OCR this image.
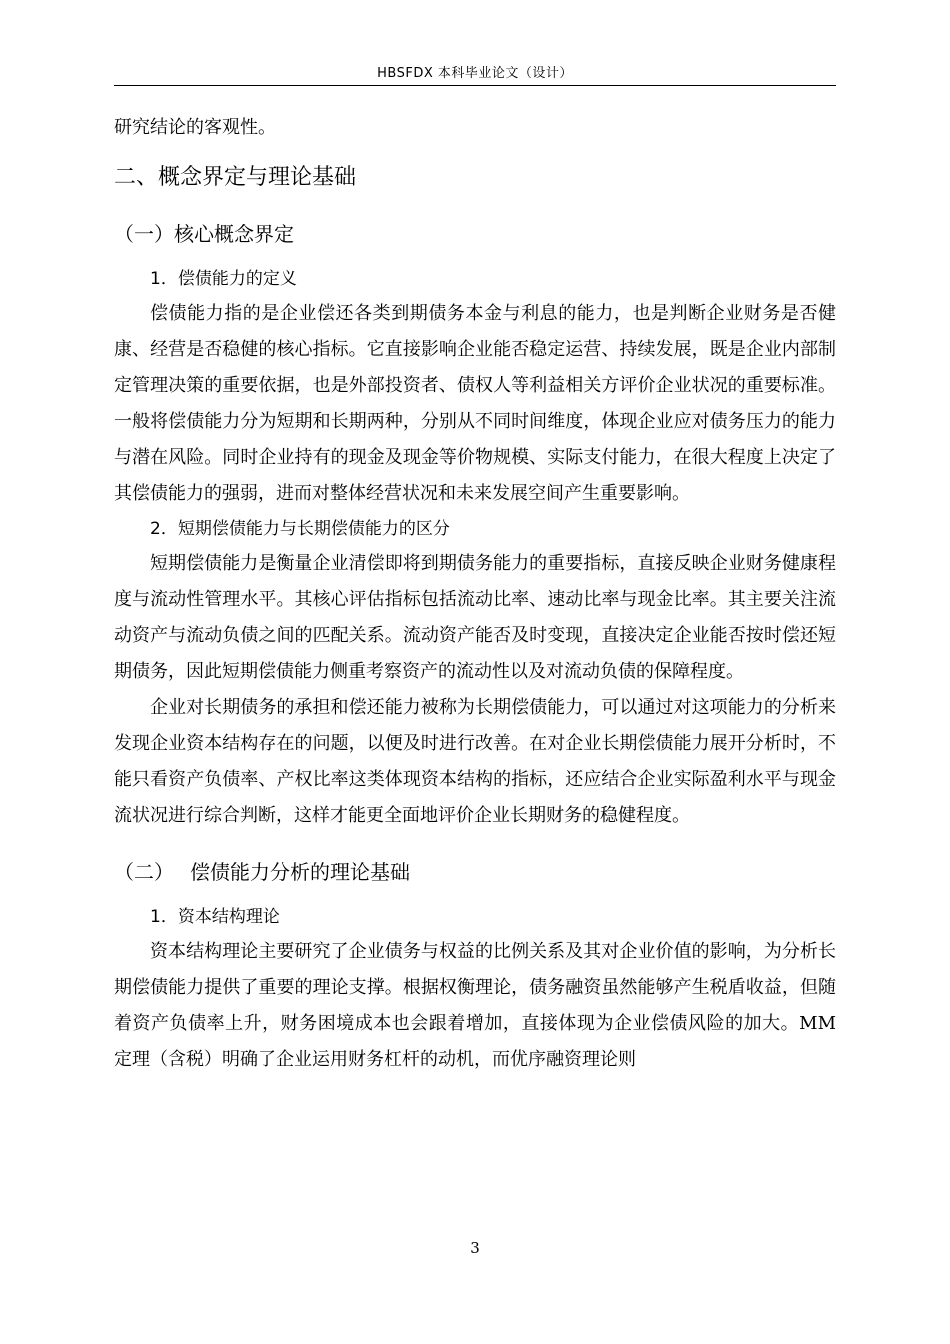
HBSFDX 本科毕业论文（设计）

研究结论的客观性。

二、概念界定与理论基础
（一）核心概念界定
1．偿债能力的定义

偿债能力指的是企业偿还各类到期债务本金与利息的能力，也是判断企业财务是否健康、经营是否稳健的核心指标。它直接影响企业能否稳定运营、持续发展，既是企业内部制定管理决策的重要依据，也是外部投资者、债权人等利益相关方评价企业状况的重要标准。一般将偿债能力分为短期和长期两种，分别从不同时间维度，体现企业应对债务压力的能力与潜在风险。同时企业持有的现金及现金等价物规模、实际支付能力，在很大程度上决定了其偿债能力的强弱，进而对整体经营状况和未来发展空间产生重要影响。

2．短期偿债能力与长期偿债能力的区分

短期偿债能力是衡量企业清偿即将到期债务能力的重要指标，直接反映企业财务健康程度与流动性管理水平。其核心评估指标包括流动比率、速动比率与现金比率。其主要关注流动资产与流动负债之间的匹配关系。流动资产能否及时变现，直接决定企业能否按时偿还短期债务，因此短期偿债能力侧重考察资产的流动性以及对流动负债的保障程度。

企业对长期债务的承担和偿还能力被称为长期偿债能力，可以通过对这项能力的分析来发现企业资本结构存在的问题，以便及时进行改善。在对企业长期偿债能力展开分析时，不能只看资产负债率、产权比率这类体现资本结构的指标，还应结合企业实际盈利水平与现金流状况进行综合判断，这样才能更全面地评价企业长期财务的稳健程度。

（二） 偿债能力分析的理论基础
1．资本结构理论

资本结构理论主要研究了企业债务与权益的比例关系及其对企业价值的影响，为分析长期偿债能力提供了重要的理论支撑。根据权衡理论，债务融资虽然能够产生税盾收益，但随着资产负债率上升，财务困境成本也会跟着增加，直接体现为企业偿债风险的加大。MM 定理（含税）明确了企业运用财务杠杆的动机，而优序融资理论则

3
